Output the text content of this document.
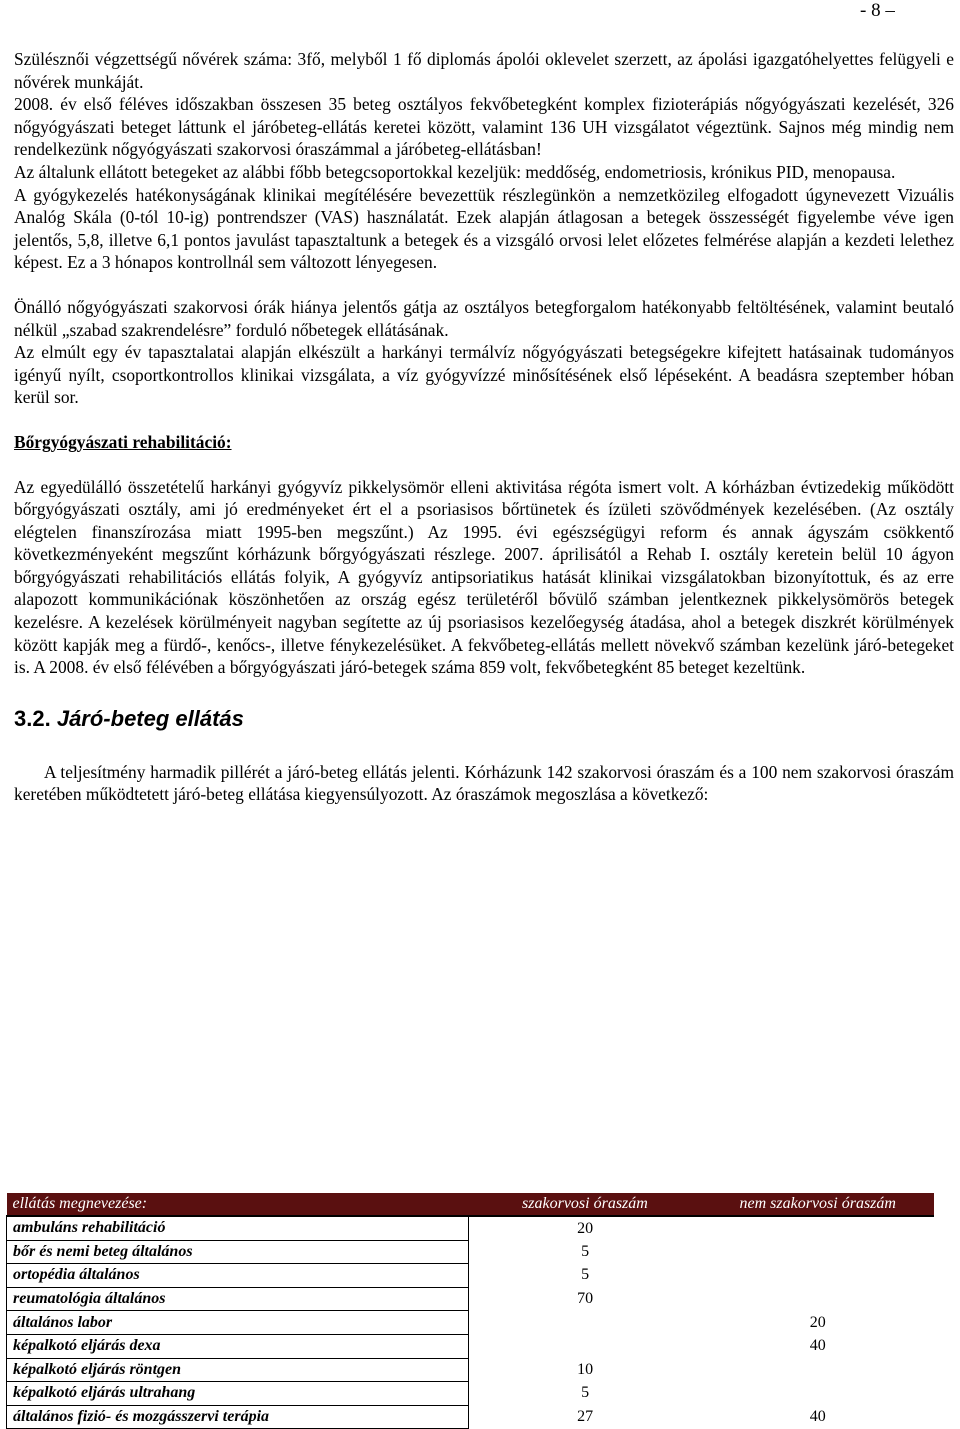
- 8 –

Szülésznői végzettségű nővérek száma: 3fő, melyből 1 fő diplomás ápolói oklevelet szerzett, az ápolási igazgatóhelyettes felügyeli e nővérek munkáját.

2008. év első féléves időszakban összesen 35 beteg osztályos fekvőbetegként komplex fizioterápiás nőgyógyászati kezelését, 326 nőgyógyászati beteget láttunk el járóbeteg-ellátás keretei között, valamint 136 UH vizsgálatot végeztünk. Sajnos még mindig nem rendelkezünk nőgyógyászati szakorvosi óraszámmal a járóbeteg-ellátásban!

Az általunk ellátott betegeket az alábbi főbb betegcsoportokkal kezeljük: meddőség, endometriosis, krónikus PID, menopausa.

A gyógykezelés hatékonyságának klinikai megítélésére bevezettük részlegünkön a nemzetközileg elfogadott úgynevezett Vizuális Analóg Skála (0-tól 10-ig) pontrendszer (VAS) használatát. Ezek alapján átlagosan a betegek összességét figyelembe véve igen jelentős, 5,8, illetve 6,1 pontos javulást tapasztaltunk a betegek és a vizsgáló orvosi lelet előzetes felmérése alapján a kezdeti lelethez képest. Ez a 3 hónapos kontrollnál sem változott lényegesen.

Önálló nőgyógyászati szakorvosi órák hiánya jelentős gátja az osztályos betegforgalom hatékonyabb feltöltésének, valamint beutaló nélkül „szabad szakrendelésre” forduló nőbetegek ellátásának.

Az elmúlt egy év tapasztalatai alapján elkészült a harkányi termálvíz nőgyógyászati betegségekre kifejtett hatásainak tudományos igényű nyílt, csoportkontrollos klinikai vizsgálata, a víz gyógyvízzé minősítésének első lépéseként. A beadásra szeptember hóban kerül sor.

Bőrgyógyászati rehabilitáció:

Az egyedülálló összetételű harkányi gyógyvíz pikkelysömör elleni aktivitása régóta ismert volt. A kórházban évtizedekig működött bőrgyógyászati osztály, ami jó eredményeket ért el a psoriasisos bőrtünetek és ízületi szövődmények kezelésében. (Az osztály elégtelen finanszírozása miatt 1995-ben megszűnt.) Az 1995. évi egészségügyi reform és annak ágyszám csökkentő következményeként megszűnt kórházunk bőrgyógyászati részlege. 2007. áprilisától a Rehab I. osztály keretein belül 10 ágyon bőrgyógyászati rehabilitációs ellátás folyik, A gyógyvíz antipsoriatikus hatását klinikai vizsgálatokban bizonyítottuk, és az erre alapozott kommunikációnak köszönhetően az ország egész területéről bővülő számban jelentkeznek pikkelysömörös betegek kezelésre. A kezelések körülményeit nagyban segítette az új psoriasisos kezelőegység átadása, ahol a betegek diszkrét körülmények között kapják meg a fürdő-, kenőcs-, illetve fénykezelésüket. A fekvőbeteg-ellátás mellett növekvő számban kezelünk járó-betegeket is. A 2008. év első félévében a bőrgyógyászati járó-betegek száma 859 volt, fekvőbetegként 85 beteget kezeltünk.

3.2. Járó-beteg ellátás

A teljesítmény harmadik pillérét a járó-beteg ellátás jelenti. Kórházunk 142 szakorvosi óraszám és a 100 nem szakorvosi óraszám keretében működtetett járó-beteg ellátása kiegyensúlyozott. Az óraszámok megoszlása a következő:

ellátás megnevezése:	szakorvosi óraszám	nem szakorvosi óraszám
ambuláns rehabilitáció	20	
bőr és nemi beteg általános	5	
ortopédia általános	5	
reumatológia általános	70	
általános labor		20
képalkotó eljárás dexa		40
képalkotó eljárás röntgen	10	
képalkotó eljárás ultrahang	5	
általános fizió- és mozgásszervi terápia	27	40
